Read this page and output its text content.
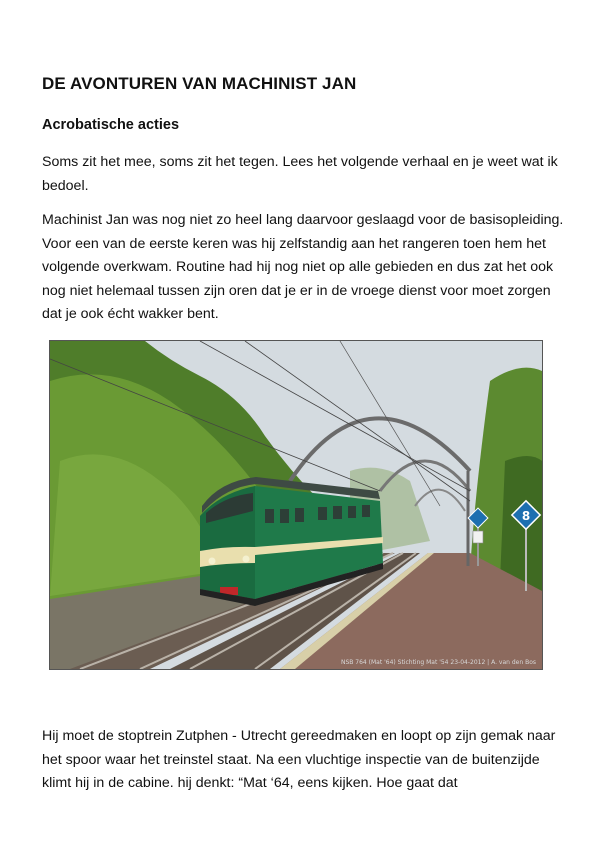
DE AVONTUREN VAN MACHINIST JAN
Acrobatische acties

Soms zit het mee, soms zit het tegen. Lees het volgende verhaal en je weet wat ik bedoel.

Machinist Jan was nog niet zo heel lang daarvoor geslaagd voor de basisopleiding. Voor een van de eerste keren was hij zelfstandig aan het rangeren toen hem het volgende overkwam. Routine had hij nog niet op alle gebieden en dus zat het ook nog niet helemaal tussen zijn oren dat je er in de vroege dienst voor moet zorgen dat je ook écht wakker bent.

8
NSB 764 (Mat '64) Stichting Mat '54 23-04-2012 | A. van den Bos

Hij moet de stoptrein Zutphen - Utrecht gereedmaken en loopt op zijn gemak naar het spoor waar het treinstel staat. Na een vluchtige inspectie van de buitenzijde klimt hij in de cabine. hij denkt: “Mat ‘64, eens kijken. Hoe gaat dat
